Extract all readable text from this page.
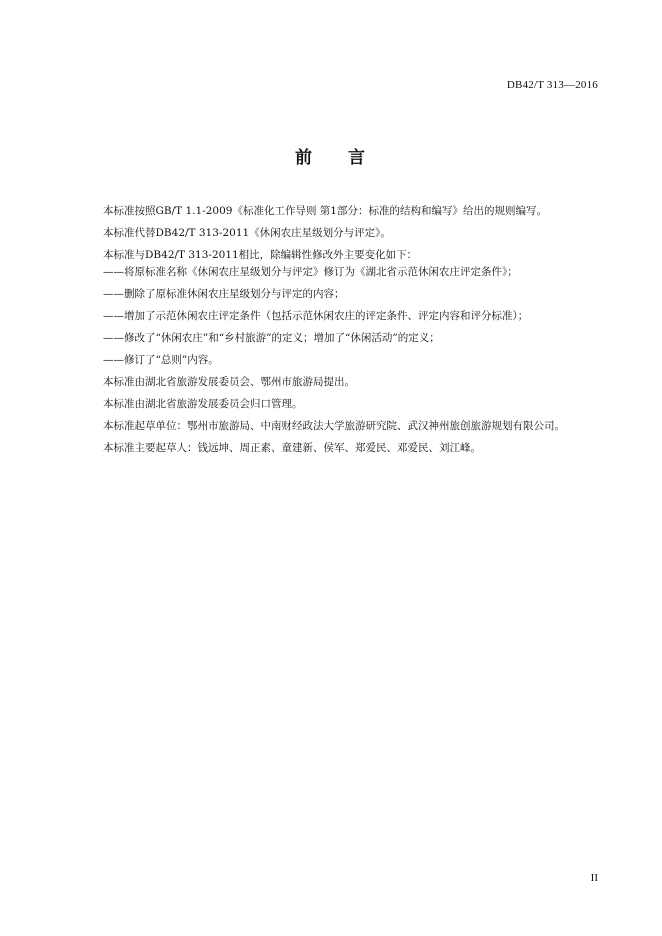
DB42/T 313—2016
前 言

本标准按照GB/T 1.1-2009《标准化工作导则 第1部分：标准的结构和编写》给出的规则编写。

本标准代替DB42/T 313-2011《休闲农庄星级划分与评定》。

本标准与DB42/T 313-2011相比，除编辑性修改外主要变化如下：

——将原标准名称《休闲农庄星级划分与评定》修订为《湖北省示范休闲农庄评定条件》；

——删除了原标准休闲农庄星级划分与评定的内容；

——增加了示范休闲农庄评定条件（包括示范休闲农庄的评定条件、评定内容和评分标准）；

——修改了“休闲农庄”和“乡村旅游”的定义；增加了“休闲活动”的定义；

——修订了“总则”内容。

本标准由湖北省旅游发展委员会、鄂州市旅游局提出。

本标准由湖北省旅游发展委员会归口管理。

本标准起草单位：鄂州市旅游局、中南财经政法大学旅游研究院、武汉神州旅创旅游规划有限公司。

本标准主要起草人：钱远坤、周正素、童建新、侯军、郑爱民、邓爱民、刘江峰。

II
